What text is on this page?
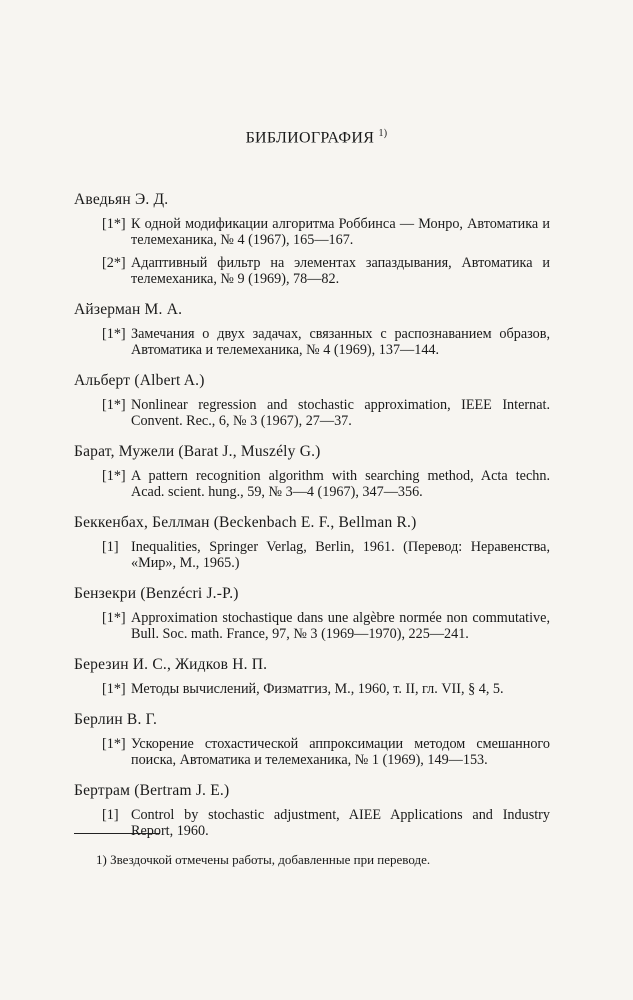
БИБЛИОГРАФИЯ $^{1)}$
Аведьян Э. Д.
[1*] К одной модификации алгоритма Роббинса — Монро, Автоматика и телемеханика, № 4 (1967), 165—167.
[2*] Адаптивный фильтр на элементах запаздывания, Автоматика и телемеханика, № 9 (1969), 78—82.
Айзерман М. А.
[1*] Замечания о двух задачах, связанных с распознаванием образов, Автоматика и телемеханика, № 4 (1969), 137—144.
Альберт (Albert A.)
[1*] Nonlinear regression and stochastic approximation, IEEE Internat. Convent. Rec., 6, № 3 (1967), 27—37.
Барат, Мужели (Barat J., Muszély G.)
[1*] A pattern recognition algorithm with searching method, Acta techn. Acad. scient. hung., 59, № 3—4 (1967), 347—356.
Беккенбах, Беллман (Beckenbach E. F., Bellman R.)
[1] Inequalities, Springer Verlag, Berlin, 1961. (Перевод: Неравенства, «Мир», М., 1965.)
Бензекри (Benzécri J.-P.)
[1*] Approximation stochastique dans une algèbre normée non commutative, Bull. Soc. math. France, 97, № 3 (1969—1970), 225—241.
Березин И. С., Жидков Н. П.
[1*] Методы вычислений, Физматгиз, М., 1960, т. II, гл. VII, § 4, 5.
Берлин В. Г.
[1*] Ускорение стохастической аппроксимации методом смешанного поиска, Автоматика и телемеханика, № 1 (1969), 149—153.
Бертрам (Bertram J. E.)
[1] Control by stochastic adjustment, AIEE Applications and Industry Report, 1960.
1) Звездочкой отмечены работы, добавленные при переводе.
